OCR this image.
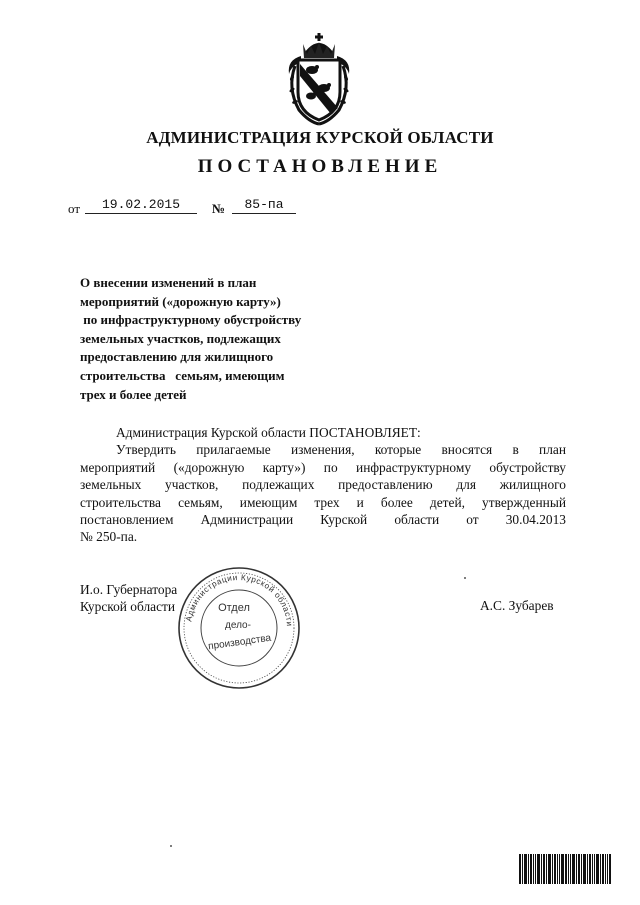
АДМИНИСТРАЦИЯ КУРСКОЙ ОБЛАСТИ
ПОСТАНОВЛЕНИЕ
от	19.02.2015	№	85-па
О внесении изменений в план
мероприятий («дорожную карту»)
по инфраструктурному обустройству
земельных участков, подлежащих
предоставлению для жилищного
строительства   семьям, имеющим
трех и более детей
Администрация Курской области ПОСТАНОВЛЯЕТ:
Утвердить прилагаемые изменения, которые вносятся в план
мероприятий («дорожную карту») по инфраструктурному обустройству
земельных участков, подлежащих предоставлению для жилищного
строительства семьям, имеющим трех и более детей, утвержденный
постановлением Администрации Курской области от 30.04.2013
№ 250-па.
И.о. Губернатора
Курской области	А.С. Зубарев
Администрации Курской области
Отдел
дело-
производства
